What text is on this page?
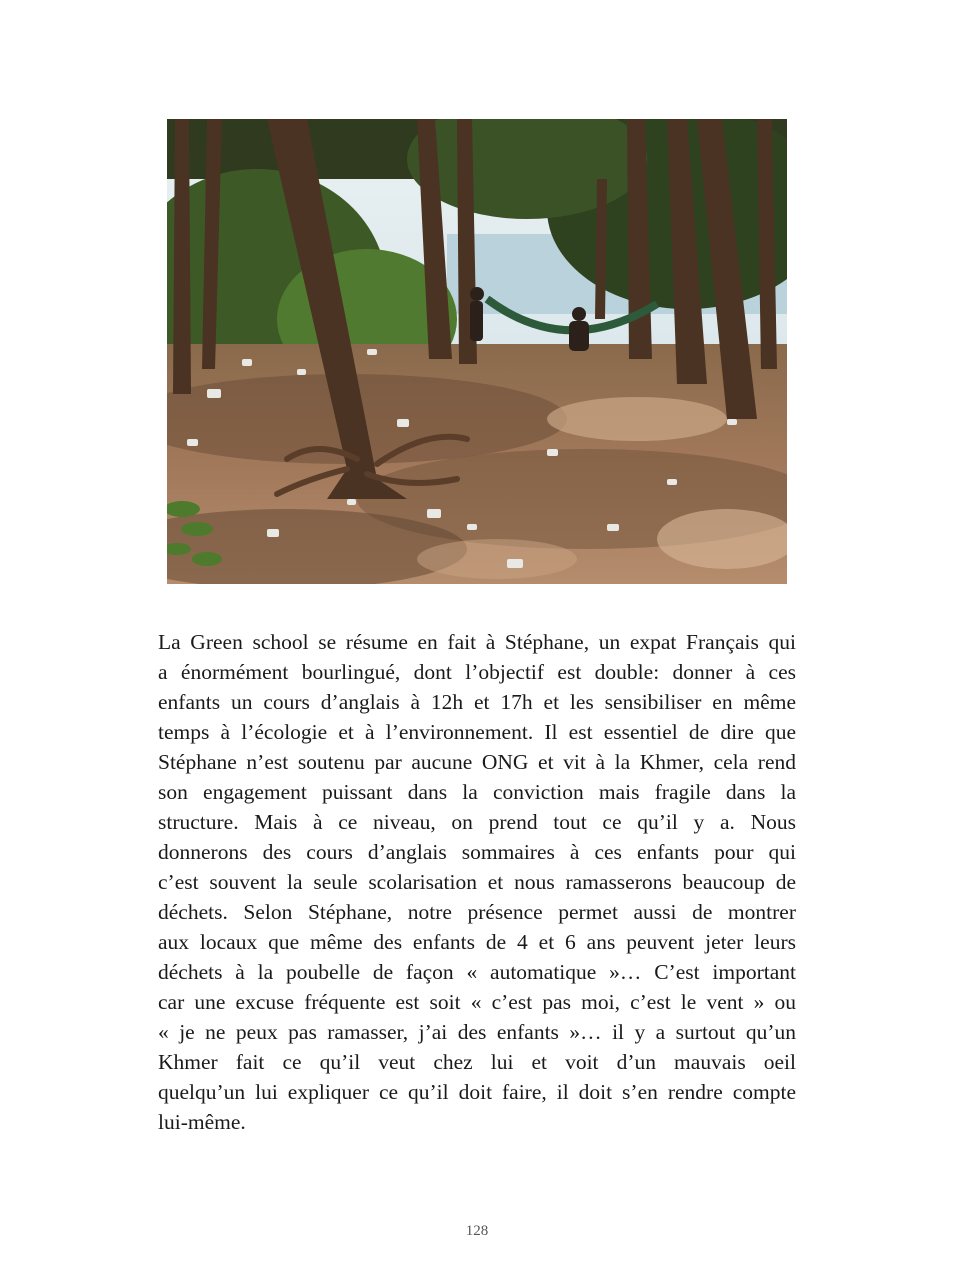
La Green school se résume en fait à Stéphane, un expat Français qui
a énormément bourlingué, dont l’objectif est double: donner à ces
enfants un cours d’anglais à 12h et 17h et les sensibiliser en même
temps à l’écologie et à l’environnement. Il est essentiel de dire que
Stéphane n’est soutenu par aucune ONG et vit à la Khmer, cela rend
son engagement puissant dans la conviction mais fragile dans la
structure. Mais à ce niveau, on prend tout ce qu’il y a. Nous
donnerons des cours d’anglais sommaires à ces enfants pour qui
c’est souvent la seule scolarisation et nous ramasserons beaucoup de
déchets. Selon Stéphane, notre présence permet aussi de montrer
aux locaux que même des enfants de 4 et 6 ans peuvent jeter leurs
déchets à la poubelle de façon « automatique »… C’est important
car une excuse fréquente est soit « c’est pas moi, c’est le vent » ou
« je ne peux pas ramasser, j’ai des enfants »… il y a surtout qu’un
Khmer fait ce qu’il veut chez lui et voit d’un mauvais oeil
quelqu’un lui expliquer ce qu’il doit faire, il doit s’en rendre compte
lui-même.
128
